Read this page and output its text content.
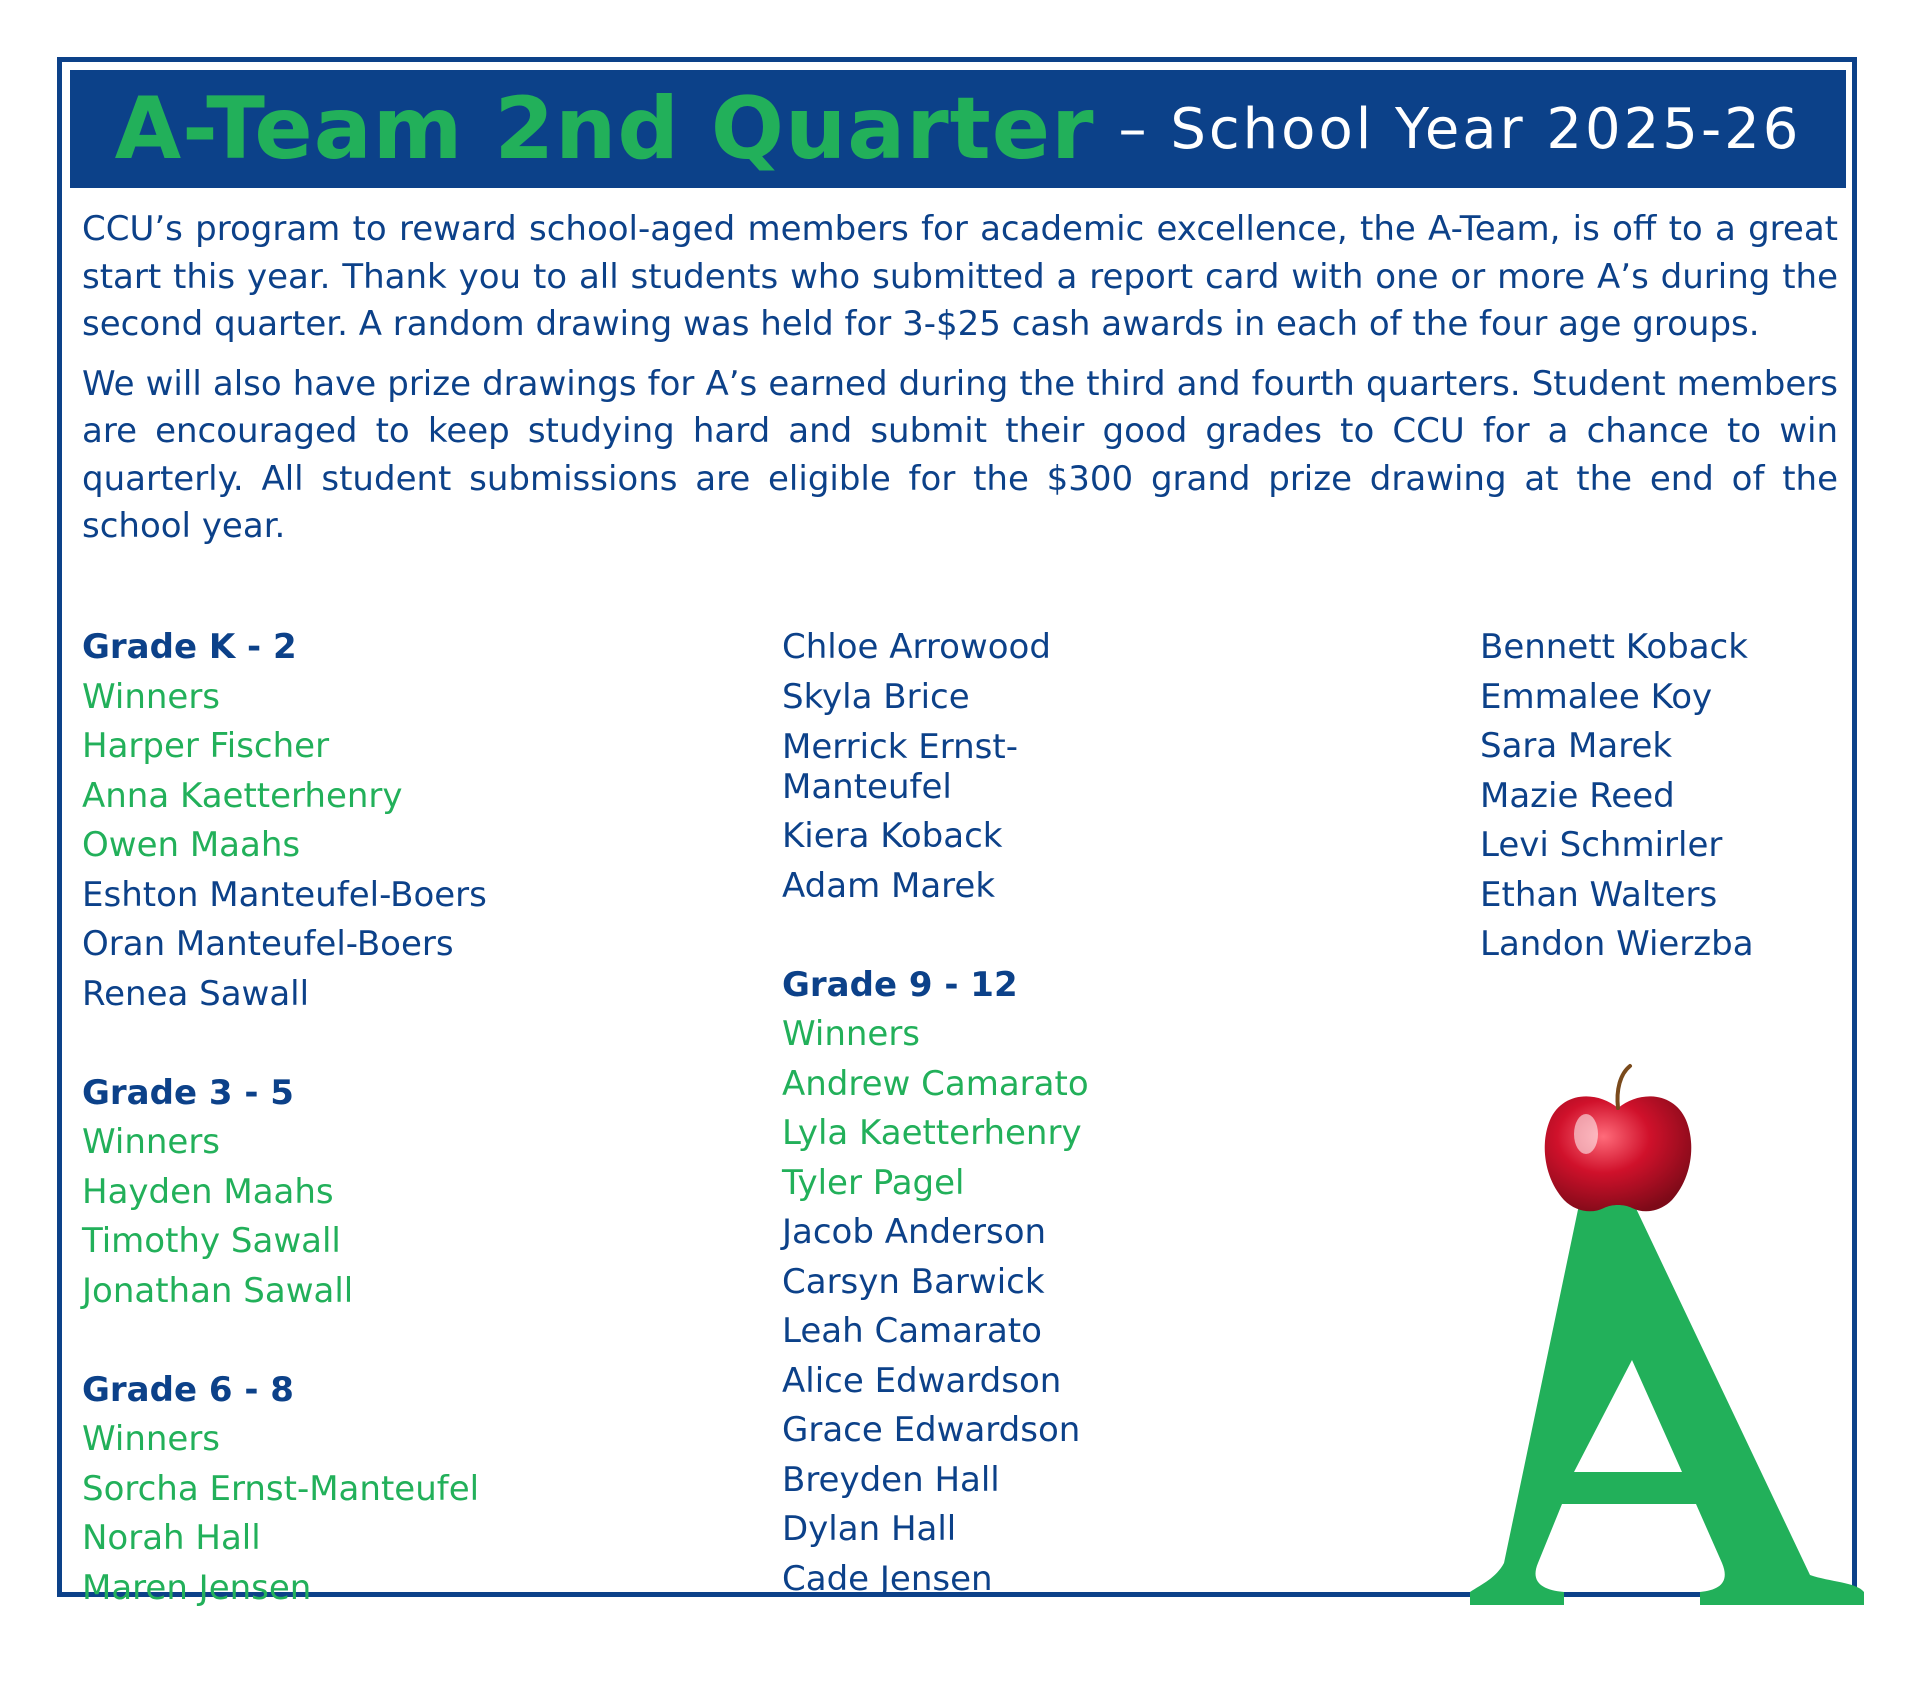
A-Team 2nd Quarter – School Year 2025-26

CCU’s program to reward school-aged members for academic excellence, the A-Team, is off to a great start this year. Thank you to all students who submitted a report card with one or more A’s during the second quarter. A random drawing was held for 3-$25 cash awards in each of the four age groups.

We will also have prize drawings for A’s earned during the third and fourth quarters. Student members are encouraged to keep studying hard and submit their good grades to CCU for a chance to win quarterly. All student submissions are eligible for the $300 grand prize drawing at the end of the school year.

Grade K - 2
Winners
Harper Fischer
Anna Kaetterhenry
Owen Maahs
Eshton Manteufel-Boers
Oran Manteufel-Boers
Renea Sawall
Grade 3 - 5
Winners
Hayden Maahs
Timothy Sawall
Jonathan Sawall
Grade 6 - 8
Winners
Sorcha Ernst-Manteufel
Norah Hall
Maren Jensen
Chloe Arrowood
Skyla Brice
Merrick Ernst-Manteufel
Kiera Koback
Adam Marek
Grade 9 - 12
Winners
Andrew Camarato
Lyla Kaetterhenry
Tyler Pagel
Jacob Anderson
Carsyn Barwick
Leah Camarato
Alice Edwardson
Grace Edwardson
Breyden Hall
Dylan Hall
Cade Jensen
Bennett Koback
Emmalee Koy
Sara Marek
Mazie Reed
Levi Schmirler
Ethan Walters
Landon Wierzba
